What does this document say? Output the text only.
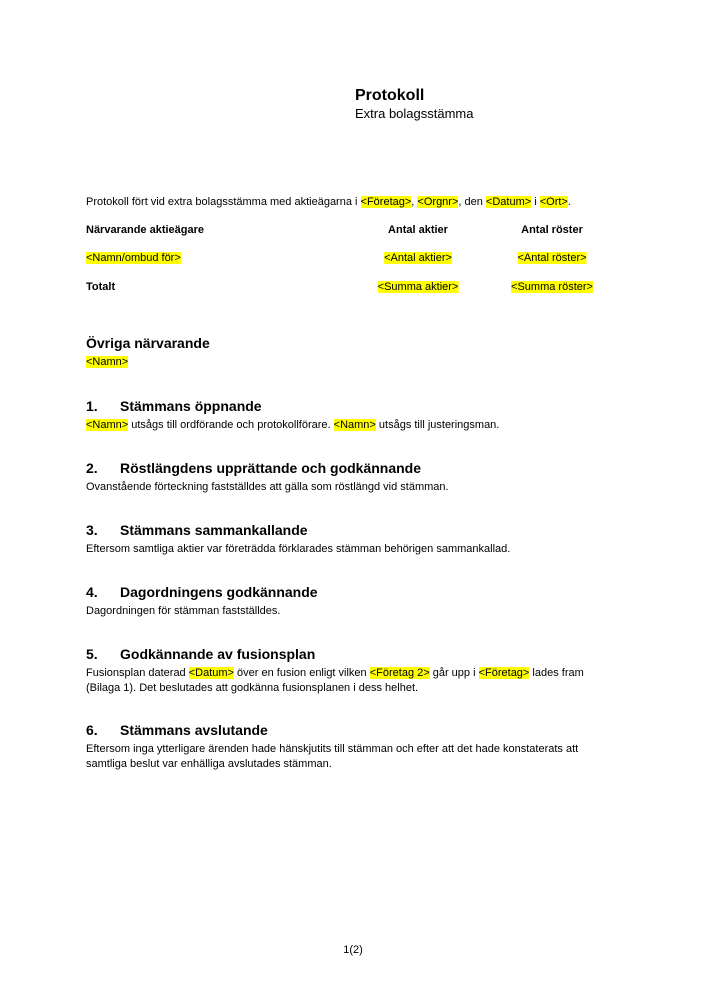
Protokoll
Extra bolagsstämma
Protokoll fört vid extra bolagsstämma med aktieägarna i <Företag>, <Orgnr>, den <Datum> i <Ort>.
Närvarande aktieägare	Antal aktier	Antal röster
<Namn/ombud för>	<Antal aktier>	<Antal röster>
Totalt	<Summa aktier>	<Summa röster>
Övriga närvarande
<Namn>
1. Stämmans öppnande
<Namn> utsågs till ordförande och protokollförare. <Namn> utsågs till justeringsman.
2. Röstlängdens upprättande och godkännande
Ovanstående förteckning fastställdes att gälla som röstlängd vid stämman.
3. Stämmans sammankallande
Eftersom samtliga aktier var företrädda förklarades stämman behörigen sammankallad.
4. Dagordningens godkännande
Dagordningen för stämman fastställdes.
5. Godkännande av fusionsplan
Fusionsplan daterad <Datum> över en fusion enligt vilken <Företag 2> går upp i <Företag> lades fram (Bilaga 1). Det beslutades att godkänna fusionsplanen i dess helhet.
6. Stämmans avslutande
Eftersom inga ytterligare ärenden hade hänskjutits till stämman och efter att det hade konstaterats att samtliga beslut var enhälliga avslutades stämman.
1(2)
